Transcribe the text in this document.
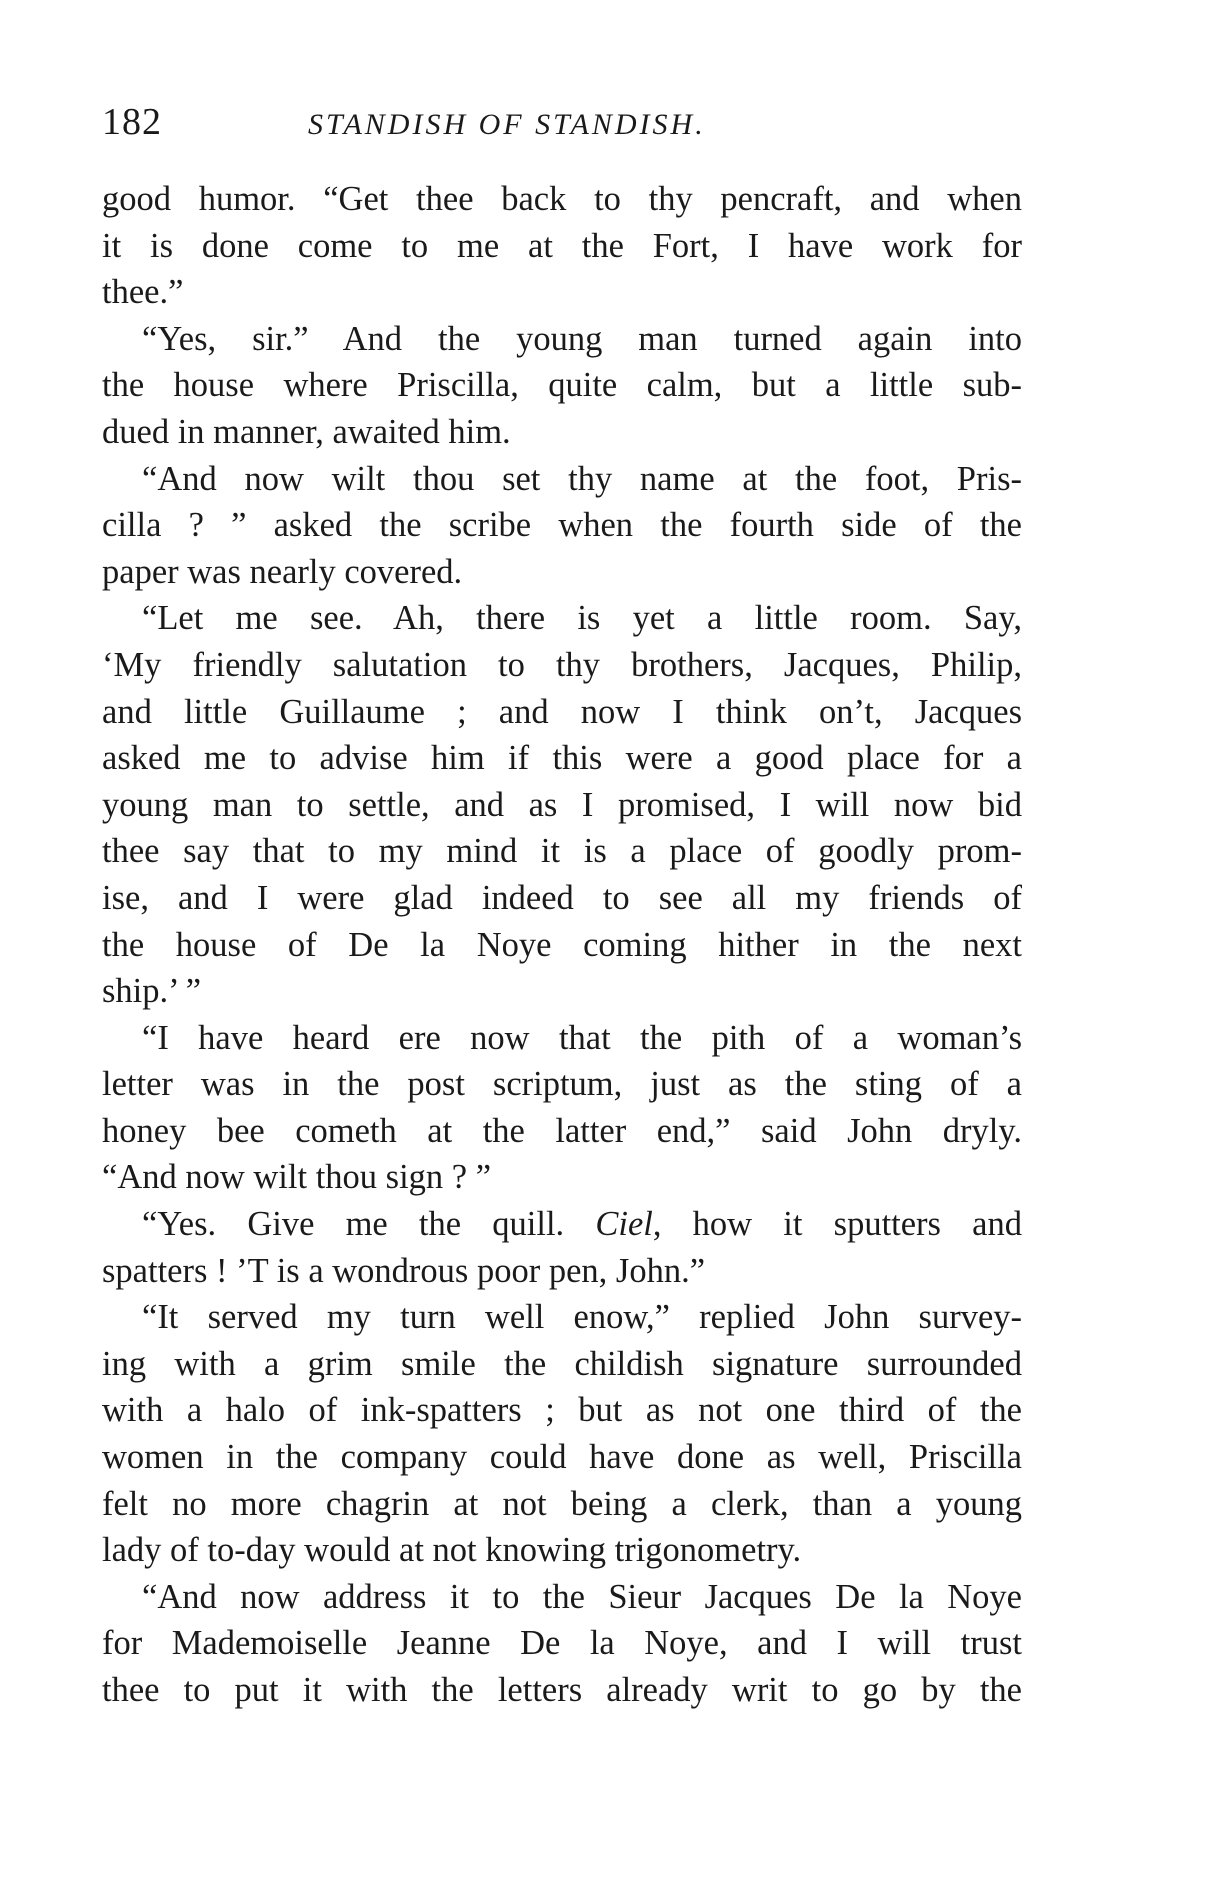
182	STANDISH OF STANDISH.
good humor. “Get thee back to thy pencraft, and when
it is done come to me at the Fort, I have work for
thee.”
“Yes, sir.” And the young man turned again into
the house where Priscilla, quite calm, but a little sub-
dued in manner, awaited him.
“And now wilt thou set thy name at the foot, Pris-
cilla ? ” asked the scribe when the fourth side of the
paper was nearly covered.
“Let me see. Ah, there is yet a little room. Say,
‘My friendly salutation to thy brothers, Jacques, Philip,
and little Guillaume ; and now I think on’t, Jacques
asked me to advise him if this were a good place for a
young man to settle, and as I promised, I will now bid
thee say that to my mind it is a place of goodly prom-
ise, and I were glad indeed to see all my friends of
the house of De la Noye coming hither in the next
ship.’ ”
“I have heard ere now that the pith of a woman’s
letter was in the post scriptum, just as the sting of a
honey bee cometh at the latter end,” said John dryly.
“And now wilt thou sign ? ”
“Yes. Give me the quill. Ciel, how it sputters and
spatters ! ’T is a wondrous poor pen, John.”
“It served my turn well enow,” replied John survey-
ing with a grim smile the childish signature surrounded
with a halo of ink-spatters ; but as not one third of the
women in the company could have done as well, Priscilla
felt no more chagrin at not being a clerk, than a young
lady of to-day would at not knowing trigonometry.
“And now address it to the Sieur Jacques De la Noye
for Mademoiselle Jeanne De la Noye, and I will trust
thee to put it with the letters already writ to go by the
